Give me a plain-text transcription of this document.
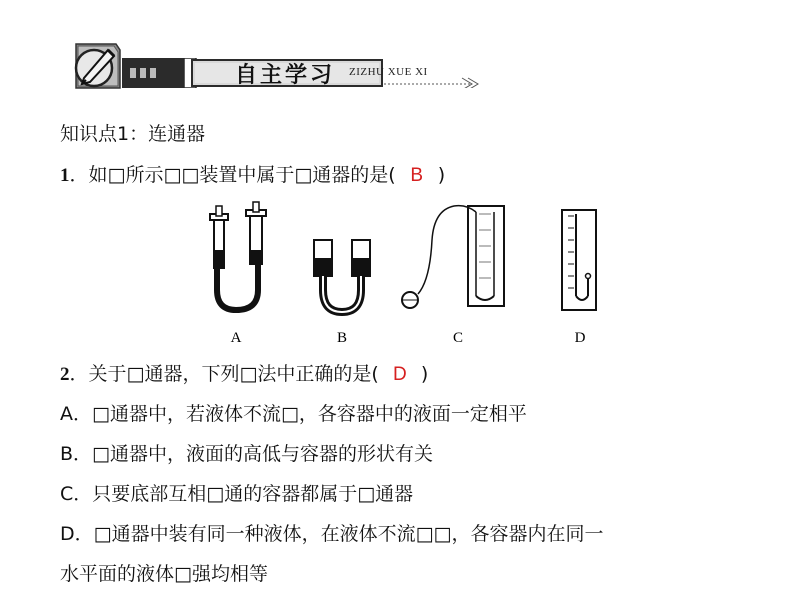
自主学习	ZIZHU XUE XI
知识点1：连通器
1．如□所示□□装置中属于□通器的是( B )
A	B	C	D
2．关于□通器，下列□法中正确的是( D )
A．□通器中，若液体不流□，各容器中的液面一定相平
B．□通器中，液面的高低与容器的形状有关
C．只要底部互相□通的容器都属于□通器
D．□通器中装有同一种液体，在液体不流□□，各容器内在同一
水平面的液体□强均相等
